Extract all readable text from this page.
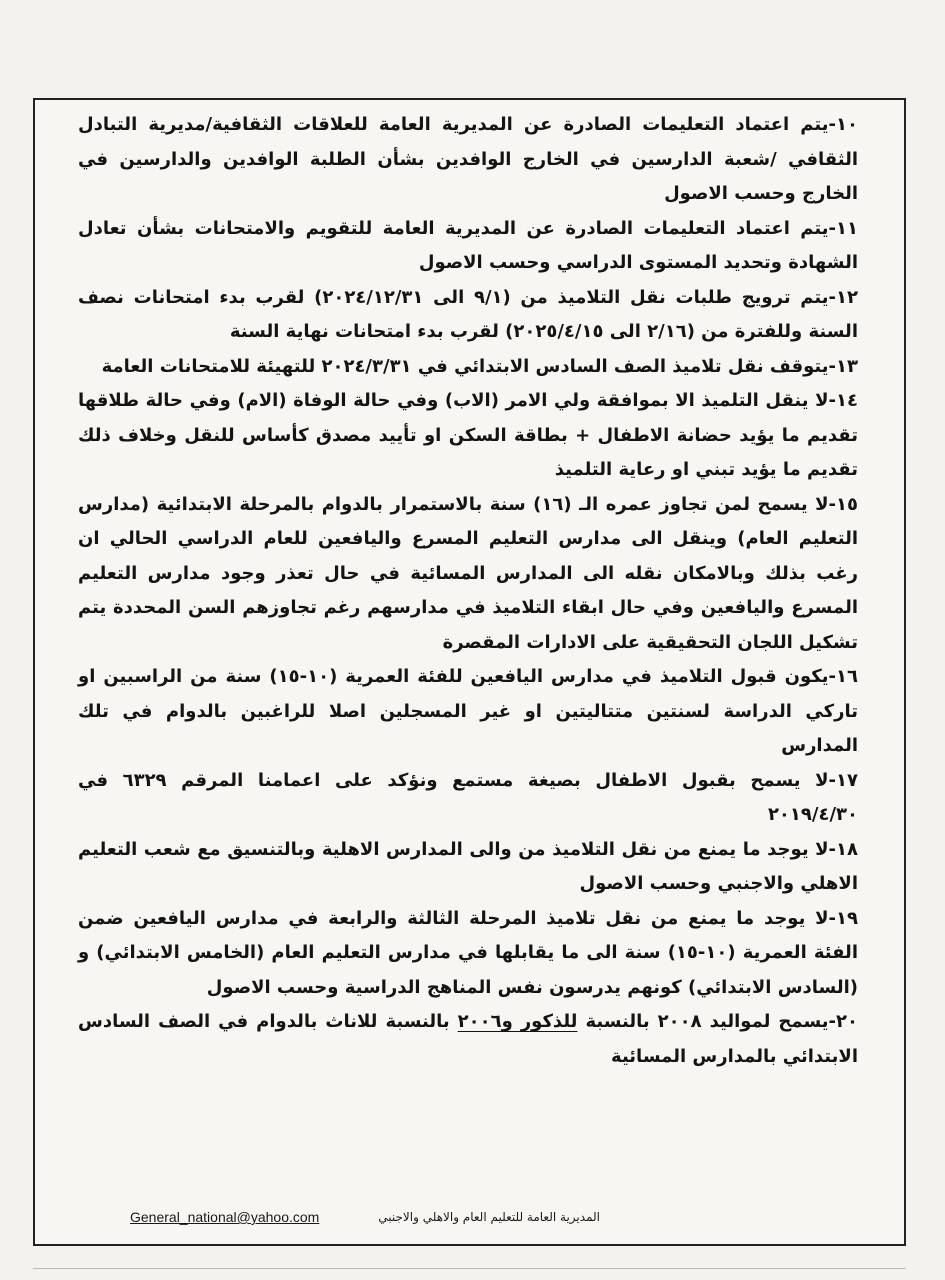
١٠-يتم اعتماد التعليمات الصادرة عن المديرية العامة للعلاقات الثقافية/مديرية التبادل الثقافي /شعبة الدارسين في الخارج الوافدين بشأن الطلبة الوافدين والدارسين في الخارج وحسب الاصول

١١-يتم اعتماد التعليمات الصادرة عن المديرية العامة للتقويم والامتحانات بشأن تعادل الشهادة وتحديد المستوى الدراسي وحسب الاصول

١٢-يتم ترويج طلبات نقل التلاميذ من (٩/١ الى ٢٠٢٤/١٢/٣١) لقرب بدء امتحانات نصف السنة وللفترة من (٢/١٦ الى ٢٠٢٥/٤/١٥) لقرب بدء امتحانات نهاية السنة

١٣-يتوقف نقل تلاميذ الصف السادس الابتدائي في ٢٠٢٤/٣/٣١ للتهيئة للامتحانات العامة

١٤-لا ينقل التلميذ الا بموافقة ولي الامر (الاب) وفي حالة الوفاة (الام) وفي حالة طلاقها تقديم ما يؤيد حضانة الاطفال + بطاقة السكن او تأييد مصدق كأساس للنقل وخلاف ذلك تقديم ما يؤيد تبني او رعاية التلميذ

١٥-لا يسمح لمن تجاوز عمره الـ (١٦) سنة بالاستمرار بالدوام بالمرحلة الابتدائية (مدارس التعليم العام) وينقل الى مدارس التعليم المسرع واليافعين للعام الدراسي الحالي ان رغب بذلك وبالامكان نقله الى المدارس المسائية في حال تعذر وجود مدارس التعليم المسرع واليافعين وفي حال ابقاء التلاميذ في مدارسهم رغم تجاوزهم السن المحددة يتم تشكيل اللجان التحقيقية على الادارات المقصرة

١٦-يكون قبول التلاميذ في مدارس اليافعين للفئة العمرية (١٠-١٥) سنة من الراسبين او تاركي الدراسة لسنتين متتاليتين او غير المسجلين اصلا للراغبين بالدوام في تلك المدارس

١٧-لا يسمح بقبول الاطفال بصيغة مستمع ونؤكد على اعمامنا المرقم ٦٣٢٩ في ٢٠١٩/٤/٣٠

١٨-لا يوجد ما يمنع من نقل التلاميذ من والى المدارس الاهلية وبالتنسيق مع شعب التعليم الاهلي والاجنبي وحسب الاصول

١٩-لا يوجد ما يمنع من نقل تلاميذ المرحلة الثالثة والرابعة في مدارس اليافعين ضمن الفئة العمرية (١٠-١٥) سنة الى ما يقابلها في مدارس التعليم العام (الخامس الابتدائي) و (السادس الابتدائي) كونهم يدرسون نفس المناهج الدراسية وحسب الاصول

٢٠-يسمح لمواليد ٢٠٠٨ بالنسبة للذكور و٢٠٠٦ بالنسبة للاناث بالدوام في الصف السادس الابتدائي بالمدارس المسائية

General_national@yahoo.com	المديرية العامة للتعليم العام والاهلي والاجنبي
